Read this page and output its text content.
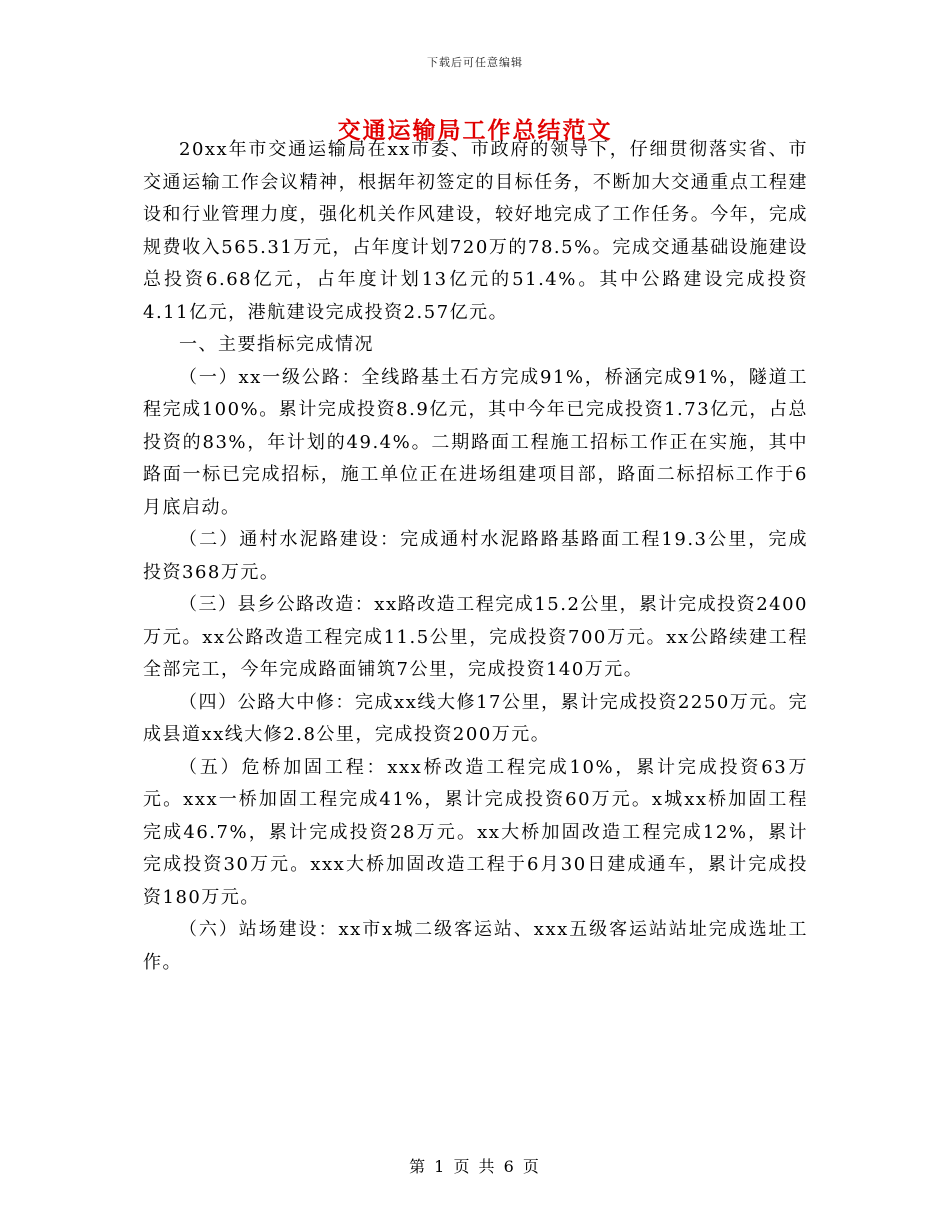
下载后可任意编辑
交通运输局工作总结范文

20xx年市交通运输局在xx市委、市政府的领导下，仔细贯彻落实省、市交通运输工作会议精神，根据年初签定的目标任务，不断加大交通重点工程建设和行业管理力度，强化机关作风建设，较好地完成了工作任务。今年，完成规费收入565.31万元，占年度计划720万的78.5%。完成交通基础设施建设总投资6.68亿元，占年度计划13亿元的51.4%。其中公路建设完成投资4.11亿元，港航建设完成投资2.57亿元。

一、主要指标完成情况

（一）xx一级公路：全线路基土石方完成91%，桥涵完成91%，隧道工程完成100%。累计完成投资8.9亿元，其中今年已完成投资1.73亿元，占总投资的83%，年计划的49.4%。二期路面工程施工招标工作正在实施，其中路面一标已完成招标，施工单位正在进场组建项目部，路面二标招标工作于6月底启动。

（二）通村水泥路建设：完成通村水泥路路基路面工程19.3公里，完成投资368万元。

（三）县乡公路改造：xx路改造工程完成15.2公里，累计完成投资2400万元。xx公路改造工程完成11.5公里，完成投资700万元。xx公路续建工程全部完工，今年完成路面铺筑7公里，完成投资140万元。

（四）公路大中修：完成xx线大修17公里，累计完成投资2250万元。完成县道xx线大修2.8公里，完成投资200万元。

（五）危桥加固工程：xxx桥改造工程完成10%，累计完成投资63万元。xxx一桥加固工程完成41%，累计完成投资60万元。x城xx桥加固工程完成46.7%，累计完成投资28万元。xx大桥加固改造工程完成12%，累计完成投资30万元。xxx大桥加固改造工程于6月30日建成通车，累计完成投资180万元。

（六）站场建设：xx市x城二级客运站、xxx五级客运站站址完成选址工作。

第 1 页 共 6 页
